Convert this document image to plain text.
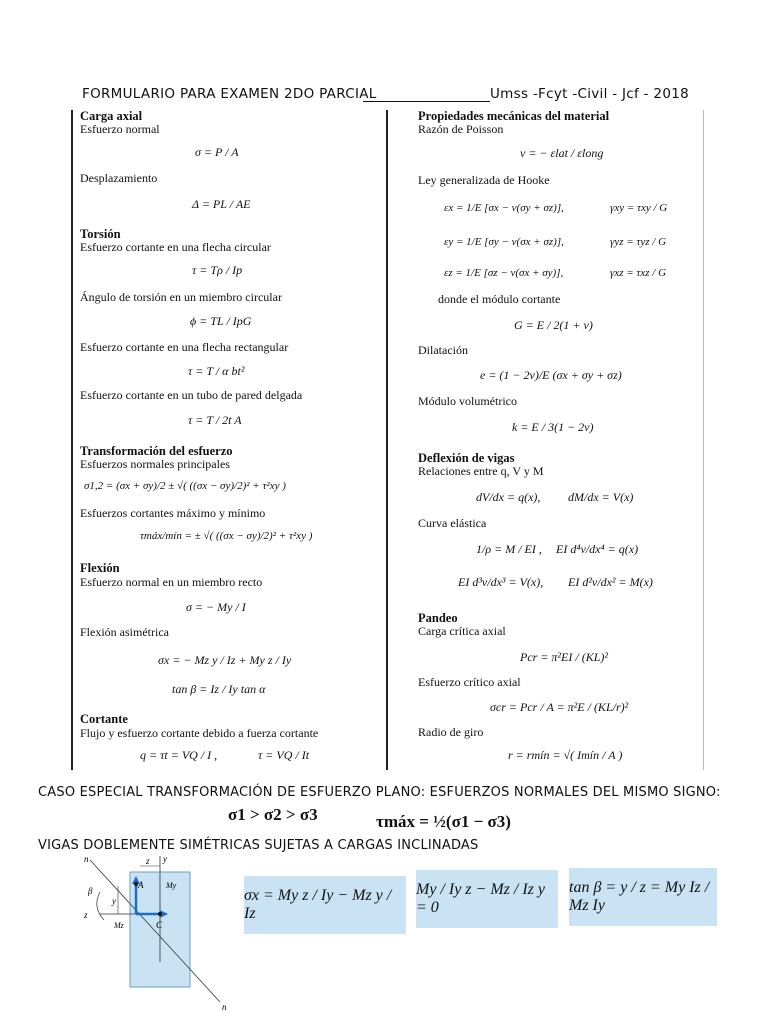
FORMULARIO PARA EXAMEN 2DO PARCIAL	Umss -Fcyt -Civil - Jcf - 2018
Carga axial
Esfuerzo normal
σ = P / A
Desplazamiento
Δ = PL / AE
Torsión
Esfuerzo cortante en una flecha circular
τ = Tρ / Ip
Ángulo de torsión en un miembro circular
ϕ = TL / IpG
Esfuerzo cortante en una flecha rectangular
τ = T / α bt²
Esfuerzo cortante en un tubo de pared delgada
τ = T / 2t A
Transformación del esfuerzo
Esfuerzos normales principales
σ1,2 = (σx + σy)/2 ± √( ((σx − σy)/2)² + τ²xy )
Esfuerzos cortantes máximo y mínimo
τmáx/mín = ± √( ((σx − σy)/2)² + τ²xy )
Flexión
Esfuerzo normal en un miembro recto
σ = − My / I
Flexión asimétrica
σx = − Mz y / Iz + My z / Iy
tan β = Iz / Iy tan α
Cortante
Flujo y esfuerzo cortante debido a fuerza cortante
q = τt = VQ / I ,	τ = VQ / It
Propiedades mecánicas del material
Razón de Poisson
ν = − εlat / εlong
Ley generalizada de Hooke
εx = 1/E [σx − ν(σy + σz)],	γxy = τxy / G
εy = 1/E [σy − ν(σx + σz)],	γyz = τyz / G
εz = 1/E [σz − ν(σx + σy)],	γxz = τxz / G
donde el módulo cortante
G = E / 2(1 + ν)
Dilatación
e = (1 − 2ν)/E (σx + σy + σz)
Módulo volumétrico
k = E / 3(1 − 2ν)
Deflexión de vigas
Relaciones entre q, V y M
dV/dx = q(x), dM/dx = V(x)
Curva elástica
1/ρ = M / EI , EI d⁴v/dx⁴ = q(x)
EI d³v/dx³ = V(x), EI d²v/dx² = M(x)
Pandeo
Carga crítica axial
Pcr = π²EI / (KL)²
Esfuerzo crítico axial
σcr = Pcr / A = π²E / (KL/r)²
Radio de giro
r = rmín = √( Imín / A )
CASO ESPECIAL TRANSFORMACIÓN DE ESFUERZO PLANO: ESFUERZOS NORMALES DEL MISMO SIGNO:
σ1 > σ2 > σ3	τmáx = ½(σ1 − σ3)
VIGAS DOBLEMENTE SIMÉTRICAS SUJETAS A CARGAS INCLINADAS
n
n
z y
β
y
z
A	My
Mz	C
σx = My z / Iy − Mz y / Iz
My / Iy z − Mz / Iz y = 0
tan β = y / z = My Iz / Mz Iy
